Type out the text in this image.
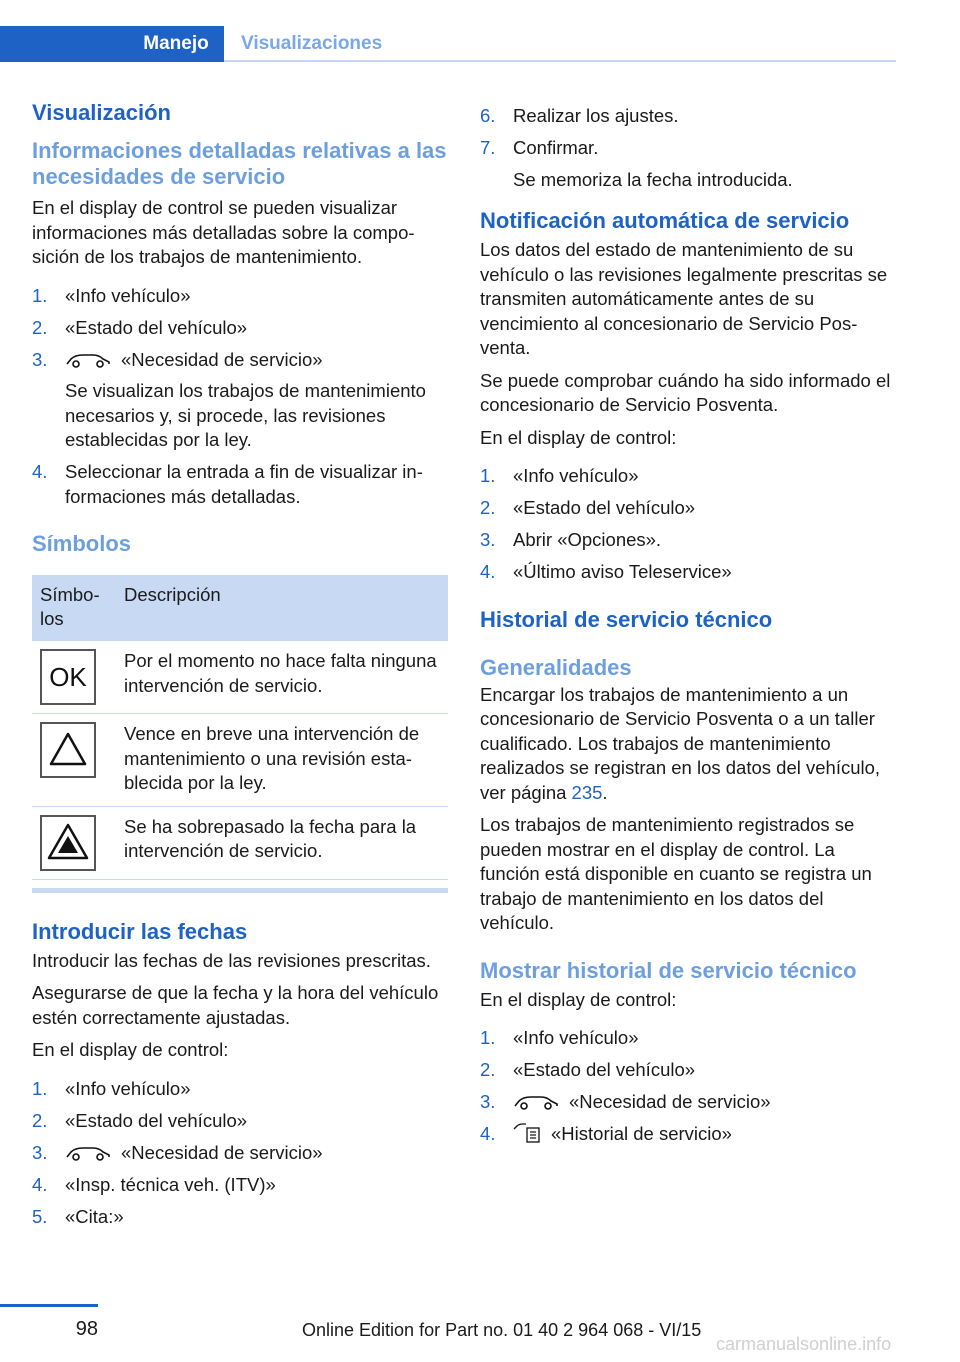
Manejo	Visualizaciones
Visualización
Informaciones detalladas relativas a las necesidades de servicio

En el display de control se pueden visualizar informaciones más detalladas sobre la composición de los trabajos de mantenimiento.

1. «Info vehículo»
2. «Estado del vehículo»
3.	«Necesidad de servicio»
Se visualizan los trabajos de mantenimiento necesarios y, si procede, las revisiones establecidas por la ley.
4. Seleccionar la entrada a fin de visualizar informaciones más detalladas.
Símbolos
Símbolos	Descripción

OK	Por el momento no hace falta ninguna intervención de servicio.

	Vence en breve una intervención de mantenimiento o una revisión establecida por la ley.

	Se ha sobrepasado la fecha para la intervención de servicio.
Introducir las fechas

Introducir las fechas de las revisiones prescritas.

Asegurarse de que la fecha y la hora del vehículo estén correctamente ajustadas.

En el display de control:

1. «Info vehículo»
2. «Estado del vehículo»
3.	«Necesidad de servicio»
4. «Insp. técnica veh. (ITV)»
5. «Cita:»
6. Realizar los ajustes.
7. Confirmar.
Se memoriza la fecha introducida.
Notificación automática de servicio

Los datos del estado de mantenimiento de su vehículo o las revisiones legalmente prescritas se transmiten automáticamente antes de su vencimiento al concesionario de Servicio Posventa.

Se puede comprobar cuándo ha sido informado el concesionario de Servicio Posventa.

En el display de control:

1. «Info vehículo»
2. «Estado del vehículo»
3. Abrir «Opciones».
4. «Último aviso Teleservice»
Historial de servicio técnico
Generalidades

Encargar los trabajos de mantenimiento a un concesionario de Servicio Posventa o a un taller cualificado. Los trabajos de mantenimiento realizados se registran en los datos del vehículo, ver página 235.

Los trabajos de mantenimiento registrados se pueden mostrar en el display de control. La función está disponible en cuanto se registra un trabajo de mantenimiento en los datos del vehículo.

Mostrar historial de servicio técnico

En el display de control:

1. «Info vehículo»
2. «Estado del vehículo»
3.	«Necesidad de servicio»
4.	«Historial de servicio»
98	Online Edition for Part no. 01 40 2 964 068 - VI/15
carmanualsonline.info
